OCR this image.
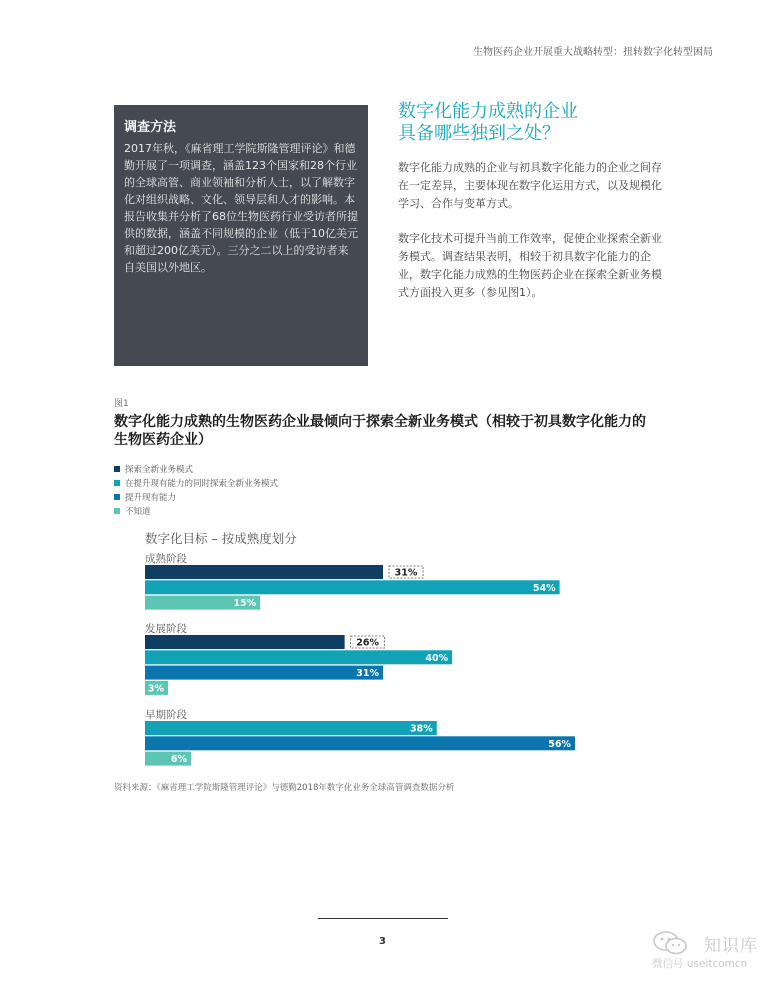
生物医药企业开展重大战略转型：扭转数字化转型困局
调查方法
2017年秋，《麻省理工学院斯隆管理评论》和德勤开展了一项调查，涵盖123个国家和28个行业的全球高管、商业领袖和分析人士，以了解数字化对组织战略、文化、领导层和人才的影响。本报告收集并分析了68位生物医药行业受访者所提供的数据，涵盖不同规模的企业（低于10亿美元和超过200亿美元）。三分之二以上的受访者来自美国以外地区。
数字化能力成熟的企业
具备哪些独到之处？
数字化能力成熟的企业与初具数字化能力的企业之间存在一定差异，主要体现在数字化运用方式，以及规模化学习、合作与变革方式。
数字化技术可提升当前工作效率，促使企业探索全新业务模式。调查结果表明，相较于初具数字化能力的企业，数字化能力成熟的生物医药企业在探索全新业务模式方面投入更多（参见图1）。
图1
数字化能力成熟的生物医药企业最倾向于探索全新业务模式（相较于初具数字化能力的生物医药企业）
探索全新业务模式
在提升现有能力的同时探索全新业务模式
提升现有能力
不知道
数字化目标 – 按成熟度划分
成熟阶段
31%
54%
15%
发展阶段
26%
40%
31%
3%
早期阶段
38%
56%
6%
资料来源：《麻省理工学院斯隆管理评论》与德勤2018年数字化业务全球高管调查数据分析
3	知识库
微信号 useitcomcn
